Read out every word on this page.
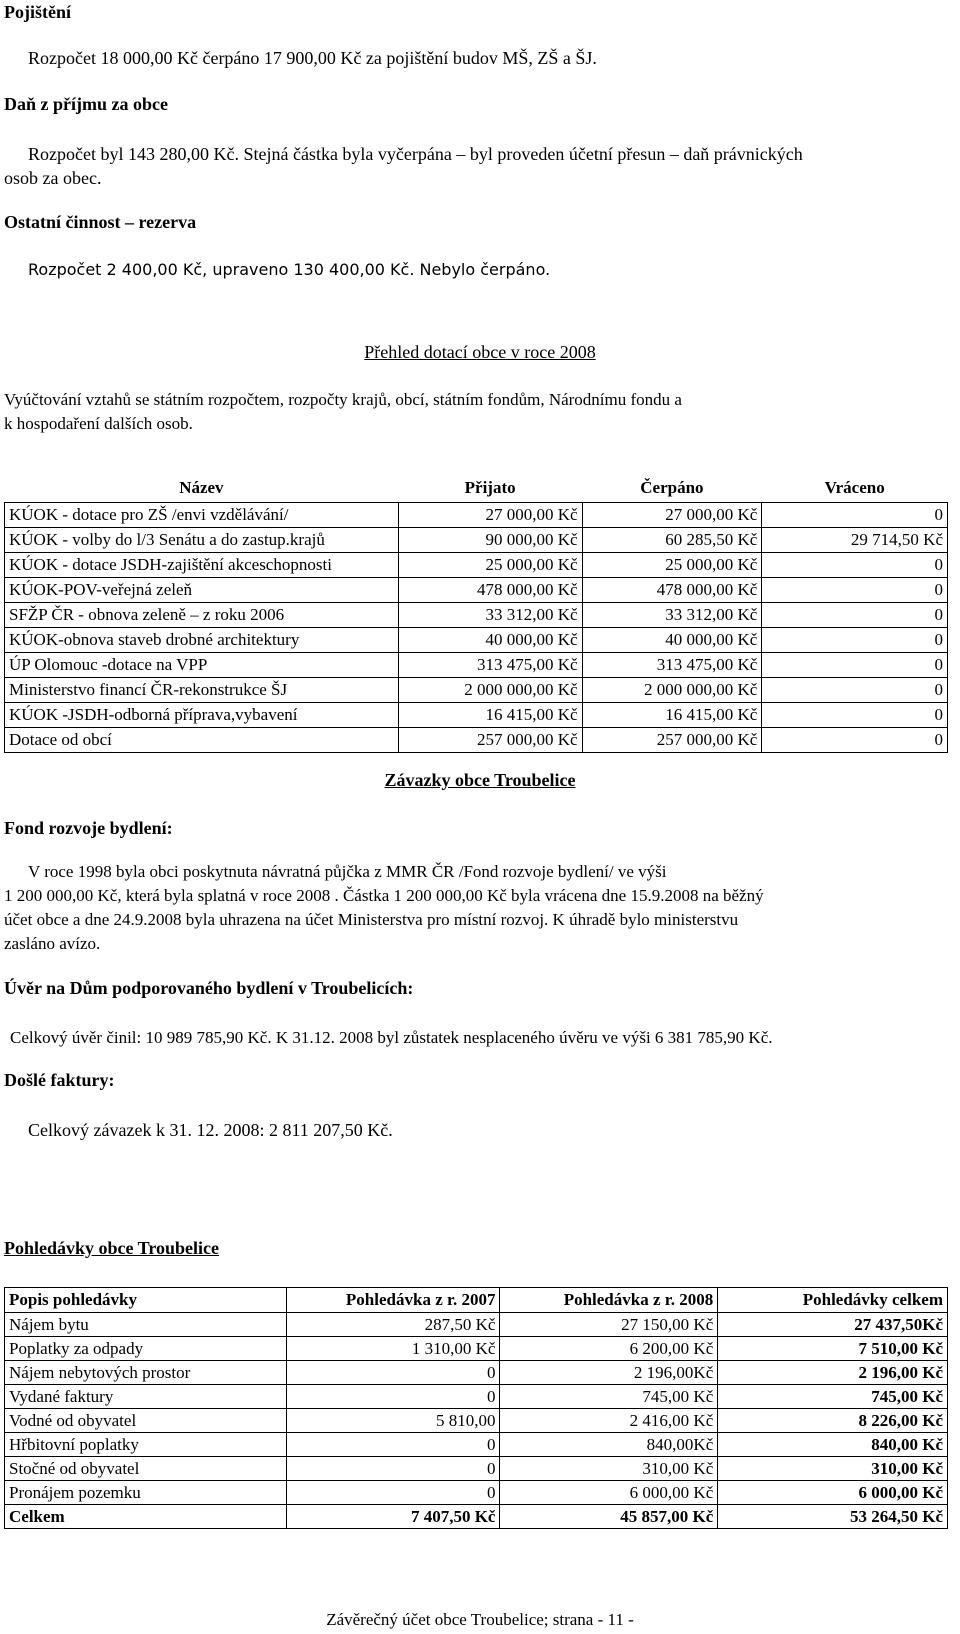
Pojištění
Rozpočet 18 000,00 Kč čerpáno 17 900,00 Kč za pojištění budov MŠ, ZŠ a ŠJ.
Daň z příjmu za obce
Rozpočet byl 143 280,00 Kč. Stejná částka byla vyčerpána – byl proveden účetní přesun – daň právnických
osob za obec.
Ostatní činnost – rezerva
Rozpočet 2 400,00 Kč, upraveno 130 400,00 Kč. Nebylo čerpáno.
Přehled dotací obce v roce 2008
Vyúčtování vztahů se státním rozpočtem, rozpočty krajů, obcí, státním fondům, Národnímu fondu a
k hospodaření dalších osob.
Název	Přijato	Čerpáno	Vráceno
KÚOK - dotace pro ZŠ /envi vzdělávání/	27 000,00 Kč	27 000,00 Kč	0
KÚOK - volby do l/3 Senátu a do zastup.krajů	90 000,00 Kč	60 285,50 Kč	29 714,50 Kč
KÚOK - dotace JSDH-zajištění akceschopnosti	25 000,00 Kč	25 000,00 Kč	0
KÚOK-POV-veřejná zeleň	478 000,00 Kč	478 000,00 Kč	0
SFŽP ČR - obnova zeleně – z roku 2006	33 312,00 Kč	33 312,00 Kč	0
KÚOK-obnova staveb drobné architektury	40 000,00 Kč	40 000,00 Kč	0
ÚP Olomouc -dotace na VPP	313 475,00 Kč	313 475,00 Kč	0
Ministerstvo financí ČR-rekonstrukce ŠJ	2 000 000,00 Kč	2 000 000,00 Kč	0
KÚOK -JSDH-odborná příprava,vybavení	16 415,00 Kč	16 415,00 Kč	0
Dotace od obcí	257 000,00 Kč	257 000,00 Kč	0
Závazky obce Troubelice
Fond rozvoje bydlení:
V roce 1998 byla obci poskytnuta návratná půjčka z MMR ČR /Fond rozvoje bydlení/ ve výši
1 200 000,00 Kč, která byla splatná v roce 2008 . Částka 1 200 000,00 Kč byla vrácena dne 15.9.2008 na běžný
účet obce a dne 24.9.2008 byla uhrazena na účet Ministerstva pro místní rozvoj. K úhradě bylo ministerstvu
zasláno avízo.
Úvěr na Dům podporovaného bydlení v Troubelicích:
Celkový úvěr činil: 10 989 785,90 Kč. K 31.12. 2008 byl zůstatek nesplaceného úvěru ve výši 6 381 785,90 Kč.
Došlé faktury:
Celkový závazek k 31. 12. 2008: 2 811 207,50 Kč.
Pohledávky obce Troubelice
Popis pohledávky	Pohledávka z r. 2007	Pohledávka z r. 2008	Pohledávky celkem
Nájem bytu	287,50 Kč	27 150,00 Kč	27 437,50Kč
Poplatky za odpady	1 310,00 Kč	6 200,00 Kč	7 510,00 Kč
Nájem nebytových prostor	0	2 196,00Kč	2 196,00 Kč
Vydané faktury	0	745,00 Kč	745,00 Kč
Vodné od obyvatel	5 810,00	2 416,00 Kč	8 226,00 Kč
Hřbitovní poplatky	0	840,00Kč	840,00 Kč
Stočné od obyvatel	0	310,00 Kč	310,00 Kč
Pronájem pozemku	0	6 000,00 Kč	6 000,00 Kč
Celkem	7 407,50 Kč	45 857,00 Kč	53 264,50 Kč
Závěrečný účet obce Troubelice; strana - 11 -
